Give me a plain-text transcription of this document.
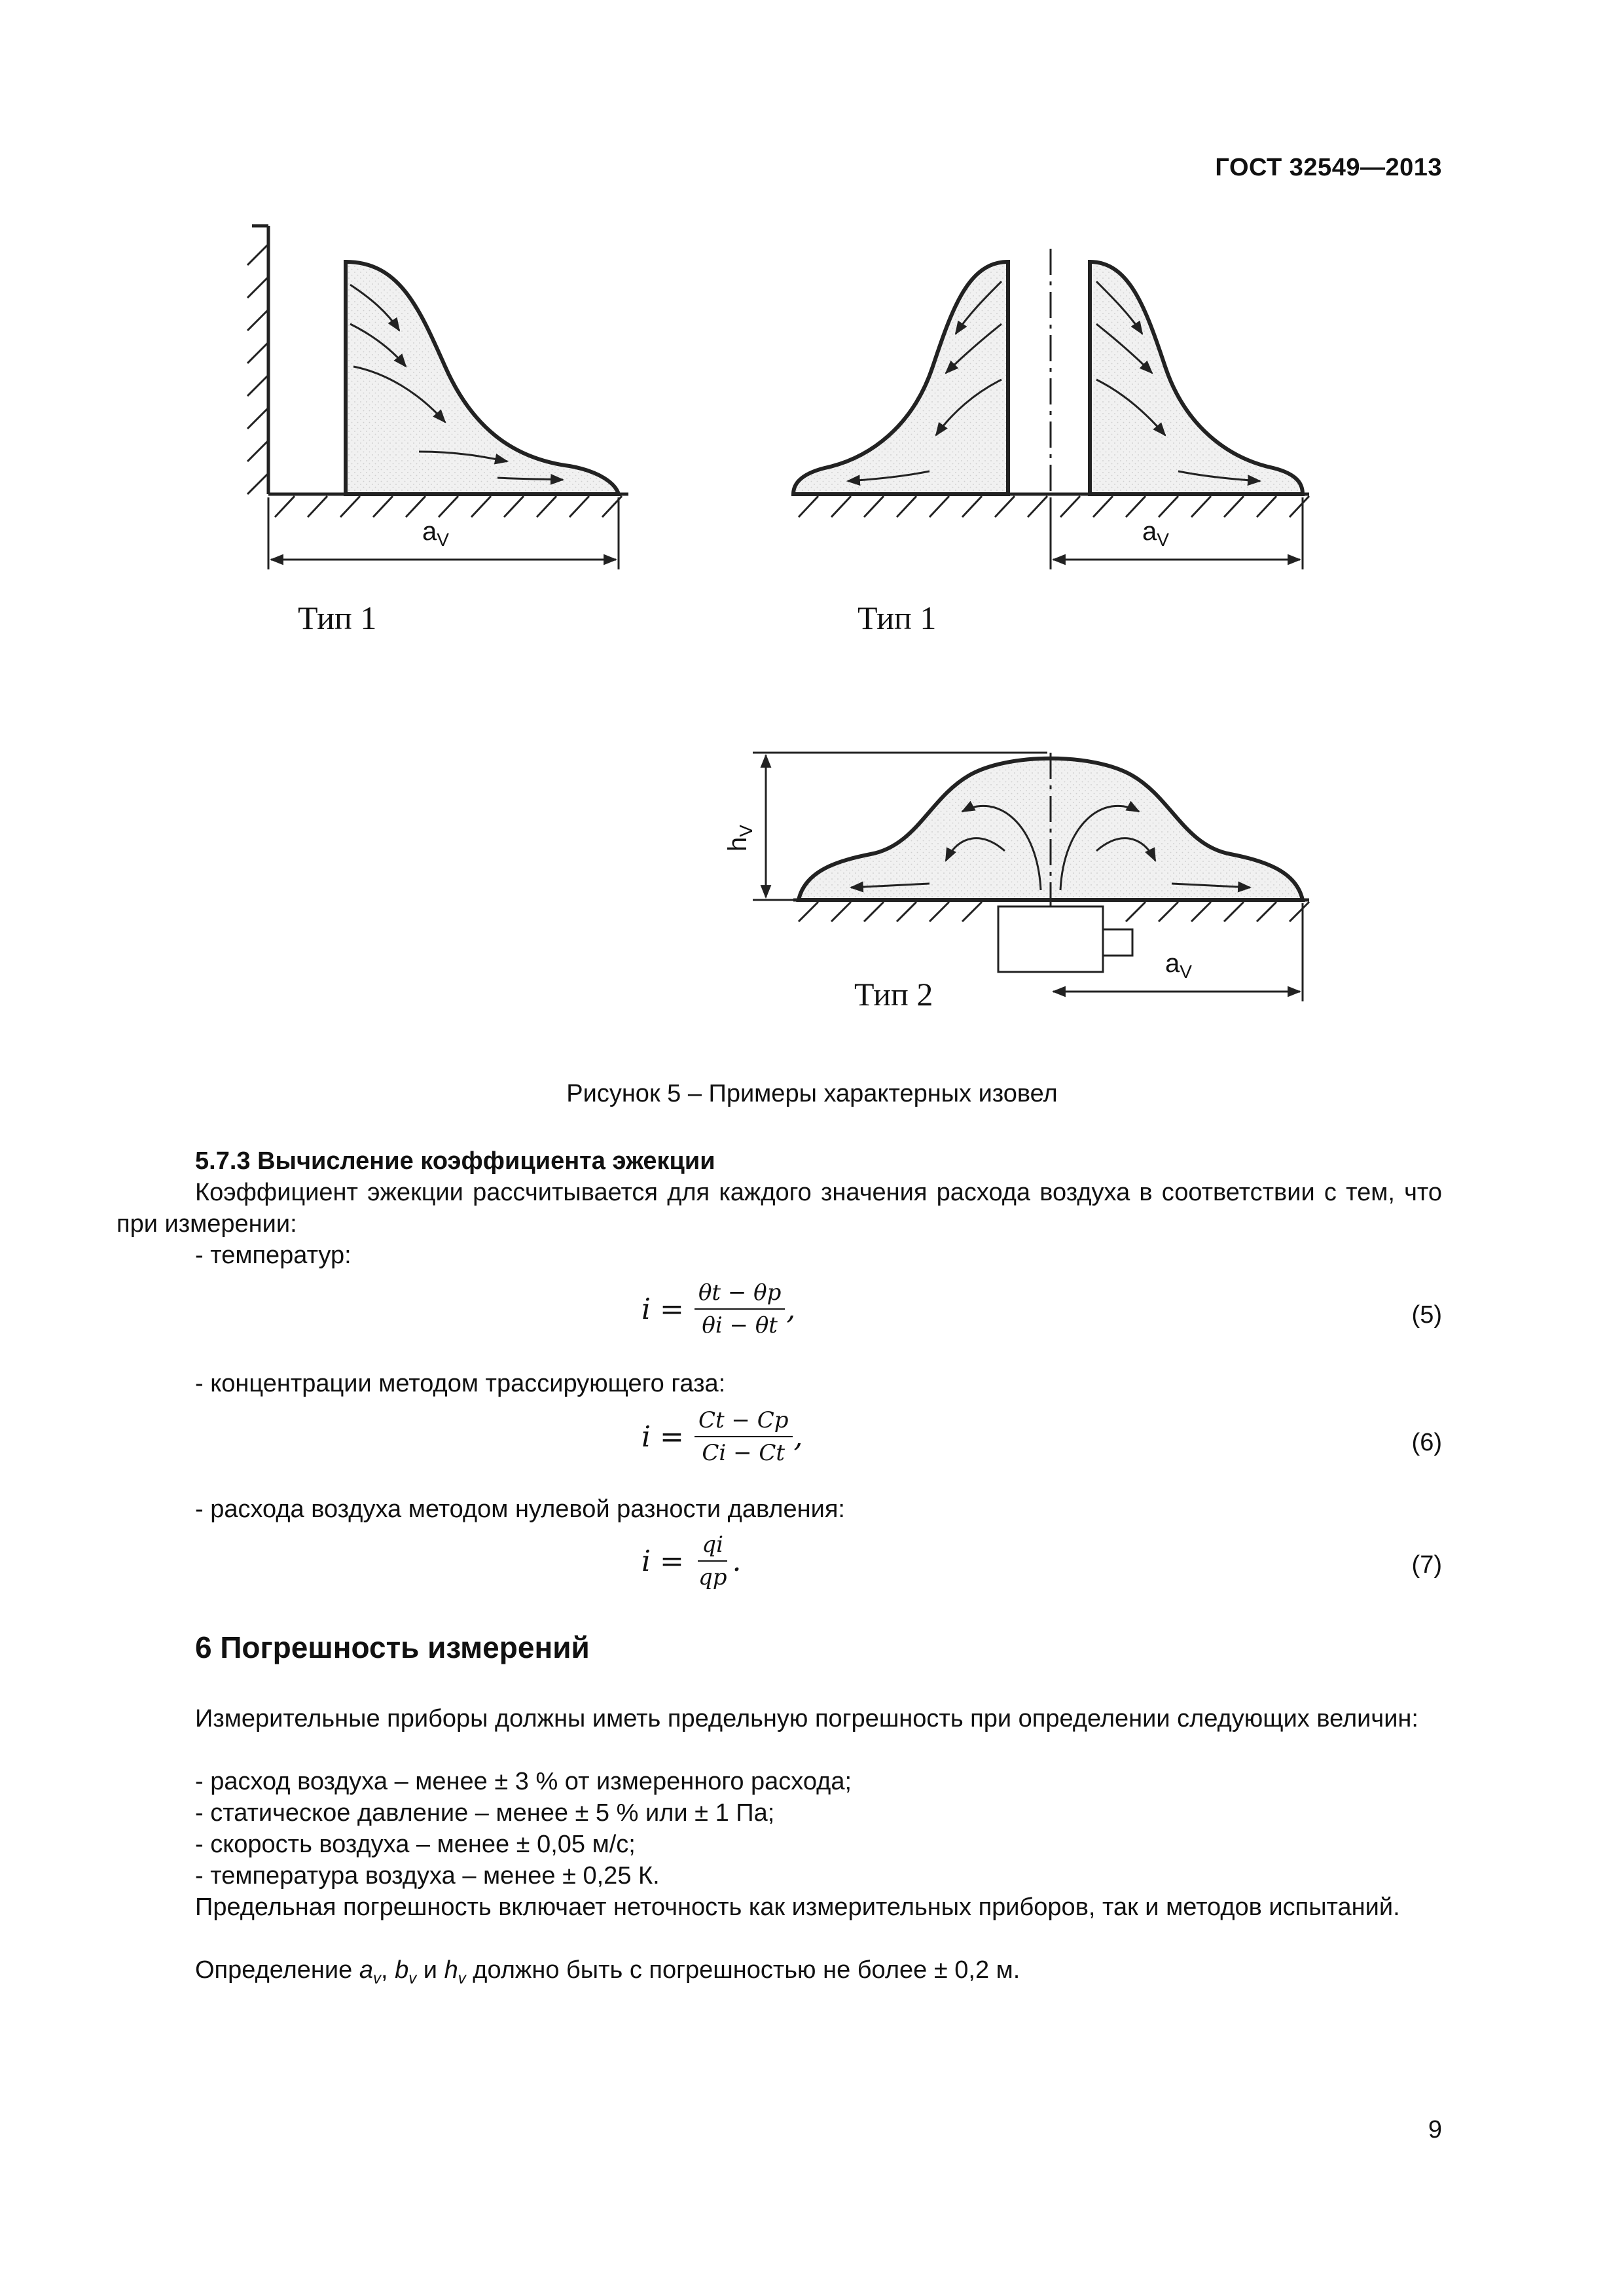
ГОСТ 32549—2013
$a_V$	$a_V$
$a_V$
$h_V$
Тип 1	Тип 1
Тип 2
Рисунок 5 – Примеры характерных изовел
5.7.3 Вычисление коэффициента эжекции
Коэффициент эжекции рассчитывается для каждого значения расхода воздуха в соответствии с тем, что при измерении:
- температур:
$i = \frac{\theta t - \theta p}{\theta i - \theta t}$ ,	(5)
- концентрации методом трассирующего газа:
$i = \frac{Ct - Cp}{Ci - Ct}$ ,	(6)
- расхода воздуха методом нулевой разности давления:
$i = \frac{qi}{qp}$ .	(7)
6 Погрешность измерений
Измерительные приборы должны иметь предельную погрешность при определении следующих величин:
- расход воздуха – менее ± 3 % от измеренного расхода;
- статическое давление – менее ± 5 % или ± 1 Па;
- скорость воздуха – менее ± 0,05 м/с;
- температура воздуха – менее ± 0,25 К.
Предельная погрешность включает неточность как измерительных приборов, так и методов испытаний.
Определение $a_v$, $b_v$ и $h_v$ должно быть с погрешностью не более ± 0,2 м.
9
